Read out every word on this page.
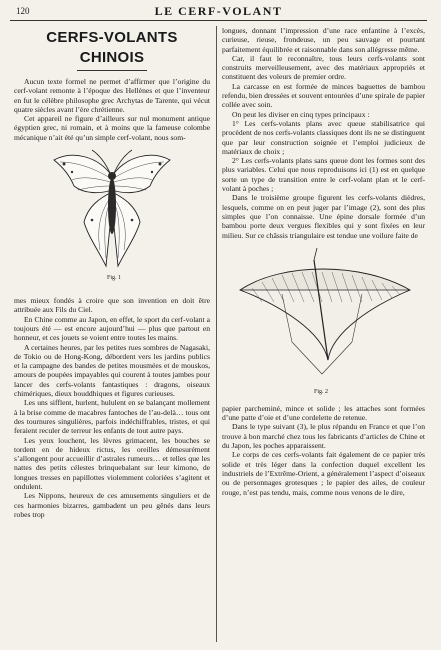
120	LE CERF-VOLANT
CERFS-VOLANTS CHINOIS

Aucun texte formel ne permet d’affirmer que l’origine du cerf-volant remonte à l’époque des Hellènes et que l’inventeur en fut le célèbre philosophe grec Archytas de Tarente, qui vécut quatre siècles avant l’ère chrétienne.

Cet appareil ne figure d’ailleurs sur nul monument antique égyptien grec, ni romain, et à moins que la fameuse colombe mécanique n’ait été qu’un simple cerf-volant, nous som-

Fig. 1

mes mieux fondés à croire que son invention en doit être attribuée aux Fils du Ciel.

En Chine comme au Japon, en effet, le sport du cerf-volant a toujours été — est encore aujourd’hui — plus que partout en honneur, et ces jouets se voient entre toutes les mains.

A certaines heures, par les petites rues sombres de Nagasaki, de Tokio ou de Hong-Kong, débordent vers les jardins publics et la campagne des bandes de petites mousmées et de mouskos, amours de poupées impayables qui courent à toutes jambes pour lancer des cerfs-volants fantastiques : dragons, oiseaux chimériques, dieux bouddhiques et figures curieuses.

Les uns sifflent, hurlent, hululent en se balançant mollement à la brise comme de macabres fantoches de l’au-delà… tous ont des tournures singulières, parfois indéchiffrables, tristes, et qui feraient reculer de terreur les enfants de tout autre pays.

Les yeux louchent, les lèvres grimacent, les bouches se tordent en de hideux rictus, les oreilles démesurément s’allongent pour accueillir d’astrales rumeurs… et telles que les nattes des petits célestes brinquebalant sur leur kimono, de longues tresses en papillottes violemment coloriées s’agitent et ondulent.

Les Nippons, heureux de ces amusements singuliers et de ces harmonies bizarres, gambadent un peu gênés dans leurs robes trop

longues, donnant l’impression d’une race enfantine à l’excès, curieuse, rieuse, frondeuse, un peu sauvage et pourtant parfaitement équilibrée et raisonnable dans son allégresse même.

Car, il faut le reconnaître, tous leurs cerfs-volants sont construits merveilleusement, avec des matériaux appropriés et constituent des voleurs de premier ordre.

La carcasse en est formée de minces baguettes de bambou refendu, bien dressées et souvent entourées d’une spirale de papier collée avec soin.

On peut les diviser en cinq types principaux :

1° Les cerfs-volants plans avec queue stabilisatrice qui procèdent de nos cerfs-volants classiques dont ils ne se distinguent que par leur construction soignée et l’emploi judicieux de matériaux de choix ;

2° Les cerfs-volants plans sans queue dont les formes sont des plus variables. Celui que nous reproduisons ici (1) est en quelque sorte un type de transition entre le cerf-volant plan et le cerf-volant à poches ;

Dans le troisième groupe figurent les cerfs-volants dièdres, lesquels, comme on en peut juger par l’image (2), sont des plus simples que l’on connaisse. Une épine dorsale formée d’un bambou porte deux vergues flexibles qui y sont fixées en leur milieu. Sur ce châssis triangulaire est tendue une voilure faite de

Fig. 2

papier parcheminé, mince et solide ; les attaches sont formées d’une patte d’oie et d’une cordelette de retenue.

Dans le type suivant (3), le plus répandu en France et que l’on trouve à bon marché chez tous les fabricants d’articles de Chine et du Japon, les poches apparaissent.

Le corps de ces cerfs-volants fait également de ce papier très solide et très léger dans la confection duquel excellent les industriels de l’Extrême-Orient, a généralement l’aspect d’oiseaux ou de personnages grotesques ; le papier des ailes, de couleur rouge, n’est pas tendu, mais, comme nous venons de le dire,
